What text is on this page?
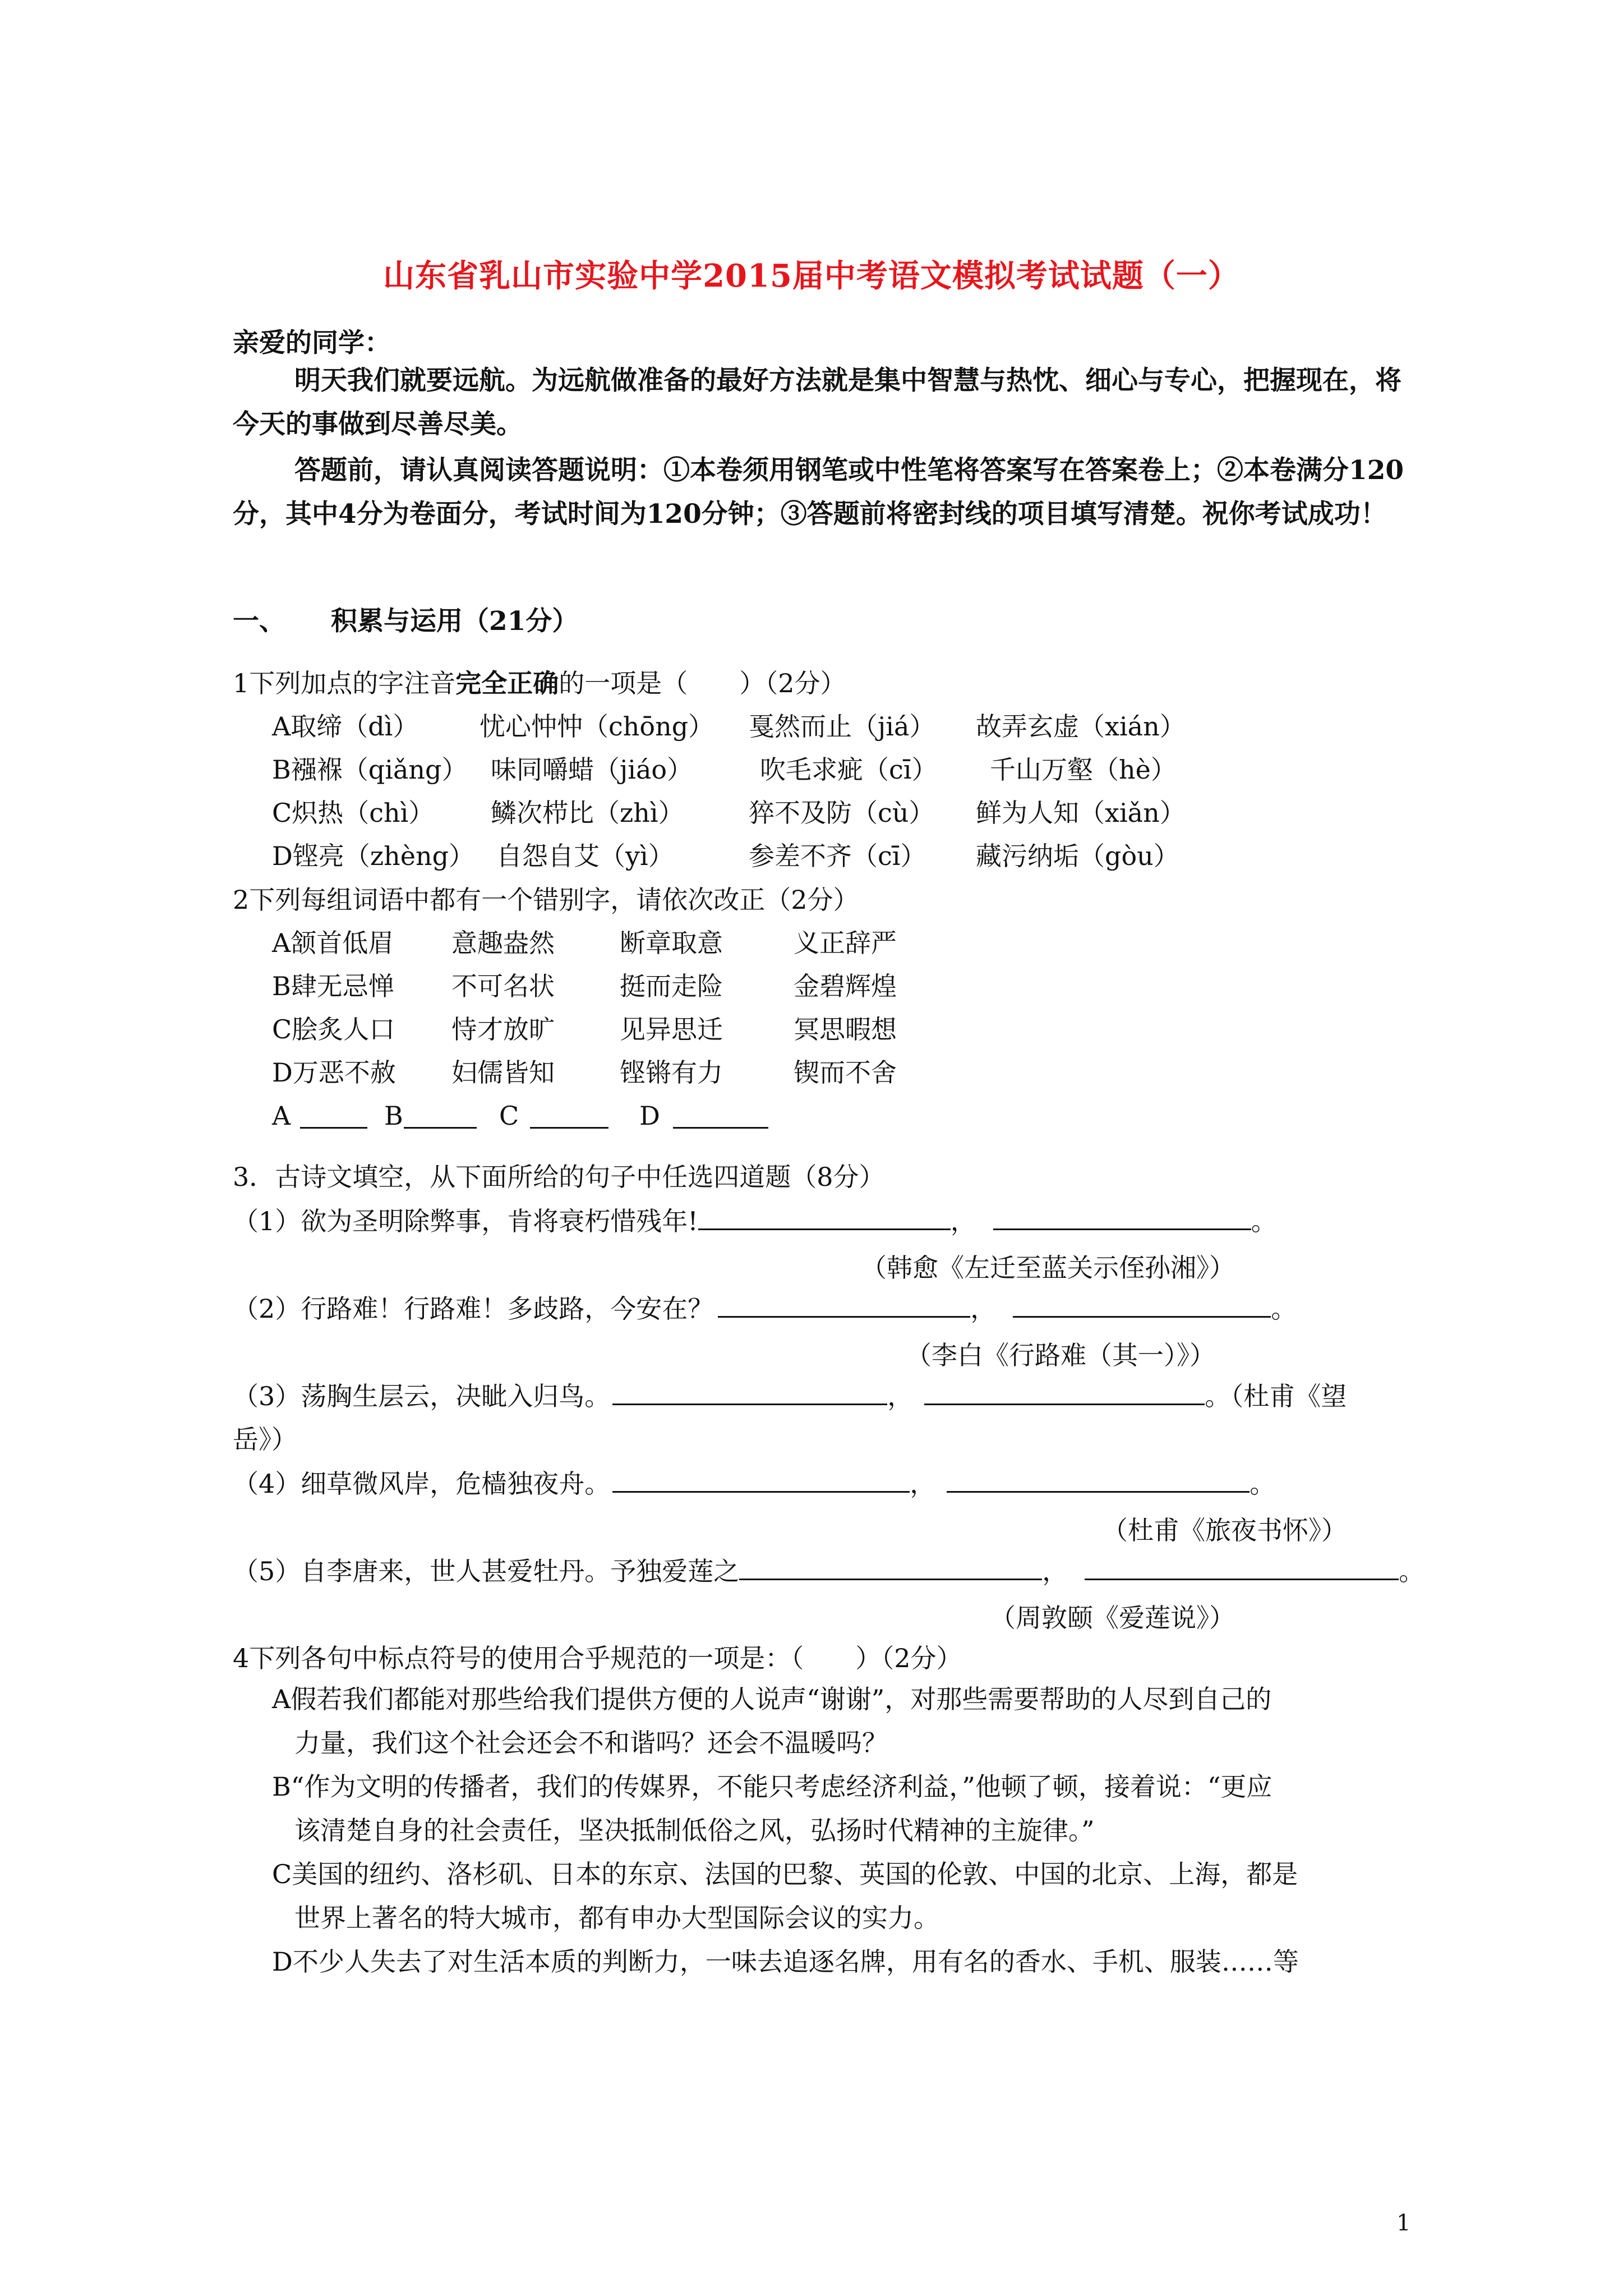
山东省乳山市实验中学2015届中考语文模拟考试试题（一）
亲爱的同学：
明天我们就要远航。为远航做准备的最好方法就是集中智慧与热忱、细心与专心，把握现在，将今天的事做到尽善尽美。
答题前，请认真阅读答题说明：①本卷须用钢笔或中性笔将答案写在答案卷上；②本卷满分120分，其中4分为卷面分，考试时间为120分钟；③答题前将密封线的项目填写清楚。祝你考试成功！
一、 积累与运用（21分）
1下列加点的字注音完全正确的一项是（　　）（2分）
A取缔（dì） 忧心忡忡（chōng） 戛然而止（jiá） 故弄玄虚（xián）
B襁褓（qiǎng） 味同嚼蜡（jiáo）	吹毛求疵（cī） 千山万壑（hè）
C炽热（chì） 鳞次栉比（zhì）	猝不及防（cù） 鲜为人知（xiǎn）
D铿亮（zhèng） 自怨自艾（yì）	参差不齐（cī） 藏污纳垢（gòu）
2下列每组词语中都有一个错别字，请依次改正（2分）
A颔首低眉 意趣盎然	断章取意	义正辞严
B肆无忌惮 不可名状	挺而走险	金碧辉煌
C脍炙人口 恃才放旷	见异思迁	冥思暇想
D万恶不赦 妇儒皆知	铿锵有力	锲而不舍
A	B	C	D
3．古诗文填空，从下面所给的句子中任选四道题（8分）
（1）欲为圣明除弊事，肯将衰朽惜残年!	，	。
（韩愈《左迁至蓝关示侄孙湘》）
（2）行路难！行路难！多歧路，今安在？	，	。
（李白《行路难（其一）》）
（3）荡胸生层云，决眦入归鸟。	，	。（杜甫《望
岳》）
（4）细草微风岸，危樯独夜舟。	，	。
（杜甫《旅夜书怀》）
（5）自李唐来，世人甚爱牡丹。予独爱莲之	，	。
（周敦颐《爱莲说》）
4下列各句中标点符号的使用合乎规范的一项是：（　　）（2分）
A假若我们都能对那些给我们提供方便的人说声“谢谢”，对那些需要帮助的人尽到自己的
力量，我们这个社会还会不和谐吗？还会不温暖吗？
B“作为文明的传播者，我们的传媒界，不能只考虑经济利益，”他顿了顿，接着说：“更应
该清楚自身的社会责任，坚决抵制低俗之风，弘扬时代精神的主旋律。”
C美国的纽约、洛杉矶、日本的东京、法国的巴黎、英国的伦敦、中国的北京、上海，都是
世界上著名的特大城市，都有申办大型国际会议的实力。
D不少人失去了对生活本质的判断力，一味去追逐名牌，用有名的香水、手机、服装……等
1
